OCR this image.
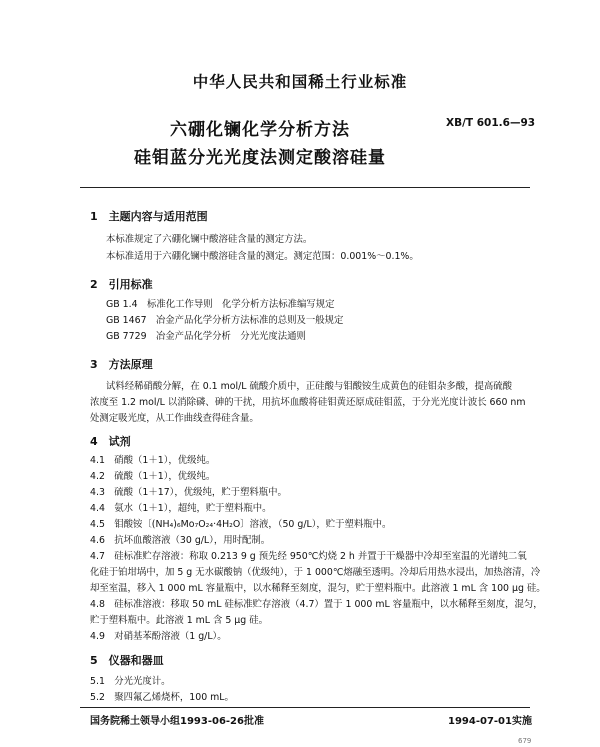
中华人民共和国稀土行业标准
六硼化镧化学分析方法
硅钼蓝分光光度法测定酸溶硅量
XB/T 601.6—93
1　主题内容与适用范围
本标准规定了六硼化镧中酸溶硅含量的测定方法。
本标准适用于六硼化镧中酸溶硅含量的测定。测定范围：0.001%～0.1%。
2　引用标准
GB 1.4　标准化工作导则　化学分析方法标准编写规定
GB 1467　冶金产品化学分析方法标准的总则及一般规定
GB 7729　冶金产品化学分析　分光光度法通则
3　方法原理
试料经稀硝酸分解，在 0.1 mol/L 硫酸介质中，正硅酸与钼酸铵生成黄色的硅钼杂多酸，提高硫酸
浓度至 1.2 mol/L 以消除磷、砷的干扰，用抗坏血酸将硅钼黄还原成硅钼蓝，于分光光度计波长 660 nm
处测定吸光度，从工作曲线查得硅含量。
4　试剂
4.1　硝酸（1＋1），优级纯。
4.2　硫酸（1＋1），优级纯。
4.3　硫酸（1＋17），优级纯，贮于塑料瓶中。
4.4　氨水（1＋1），超纯，贮于塑料瓶中。
4.5　钼酸铵〔(NH₄)₆Mo₇O₂₄·4H₂O〕溶液，（50 g/L），贮于塑料瓶中。
4.6　抗坏血酸溶液（30 g/L），用时配制。
4.7　硅标准贮存溶液：称取 0.213 9 g 预先经 950℃灼烧 2 h 并置于干燥器中冷却至室温的光谱纯二氧
化硅于铂坩埚中，加 5 g 无水碳酸钠（优级纯），于 1 000℃熔融至透明。冷却后用热水浸出，加热溶清，冷
却至室温，移入 1 000 mL 容量瓶中，以水稀释至刻度，混匀，贮于塑料瓶中。此溶液 1 mL 含 100 μg 硅。
4.8　硅标准溶液：移取 50 mL 硅标准贮存溶液（4.7）置于 1 000 mL 容量瓶中，以水稀释至刻度，混匀，
贮于塑料瓶中。此溶液 1 mL 含 5 μg 硅。
4.9　对硝基苯酚溶液（1 g/L）。
5　仪器和器皿
5.1　分光光度计。
5.2　聚四氟乙烯烧杯，100 mL。
国务院稀土领导小组1993-06-26批准	1994-07-01实施
679
